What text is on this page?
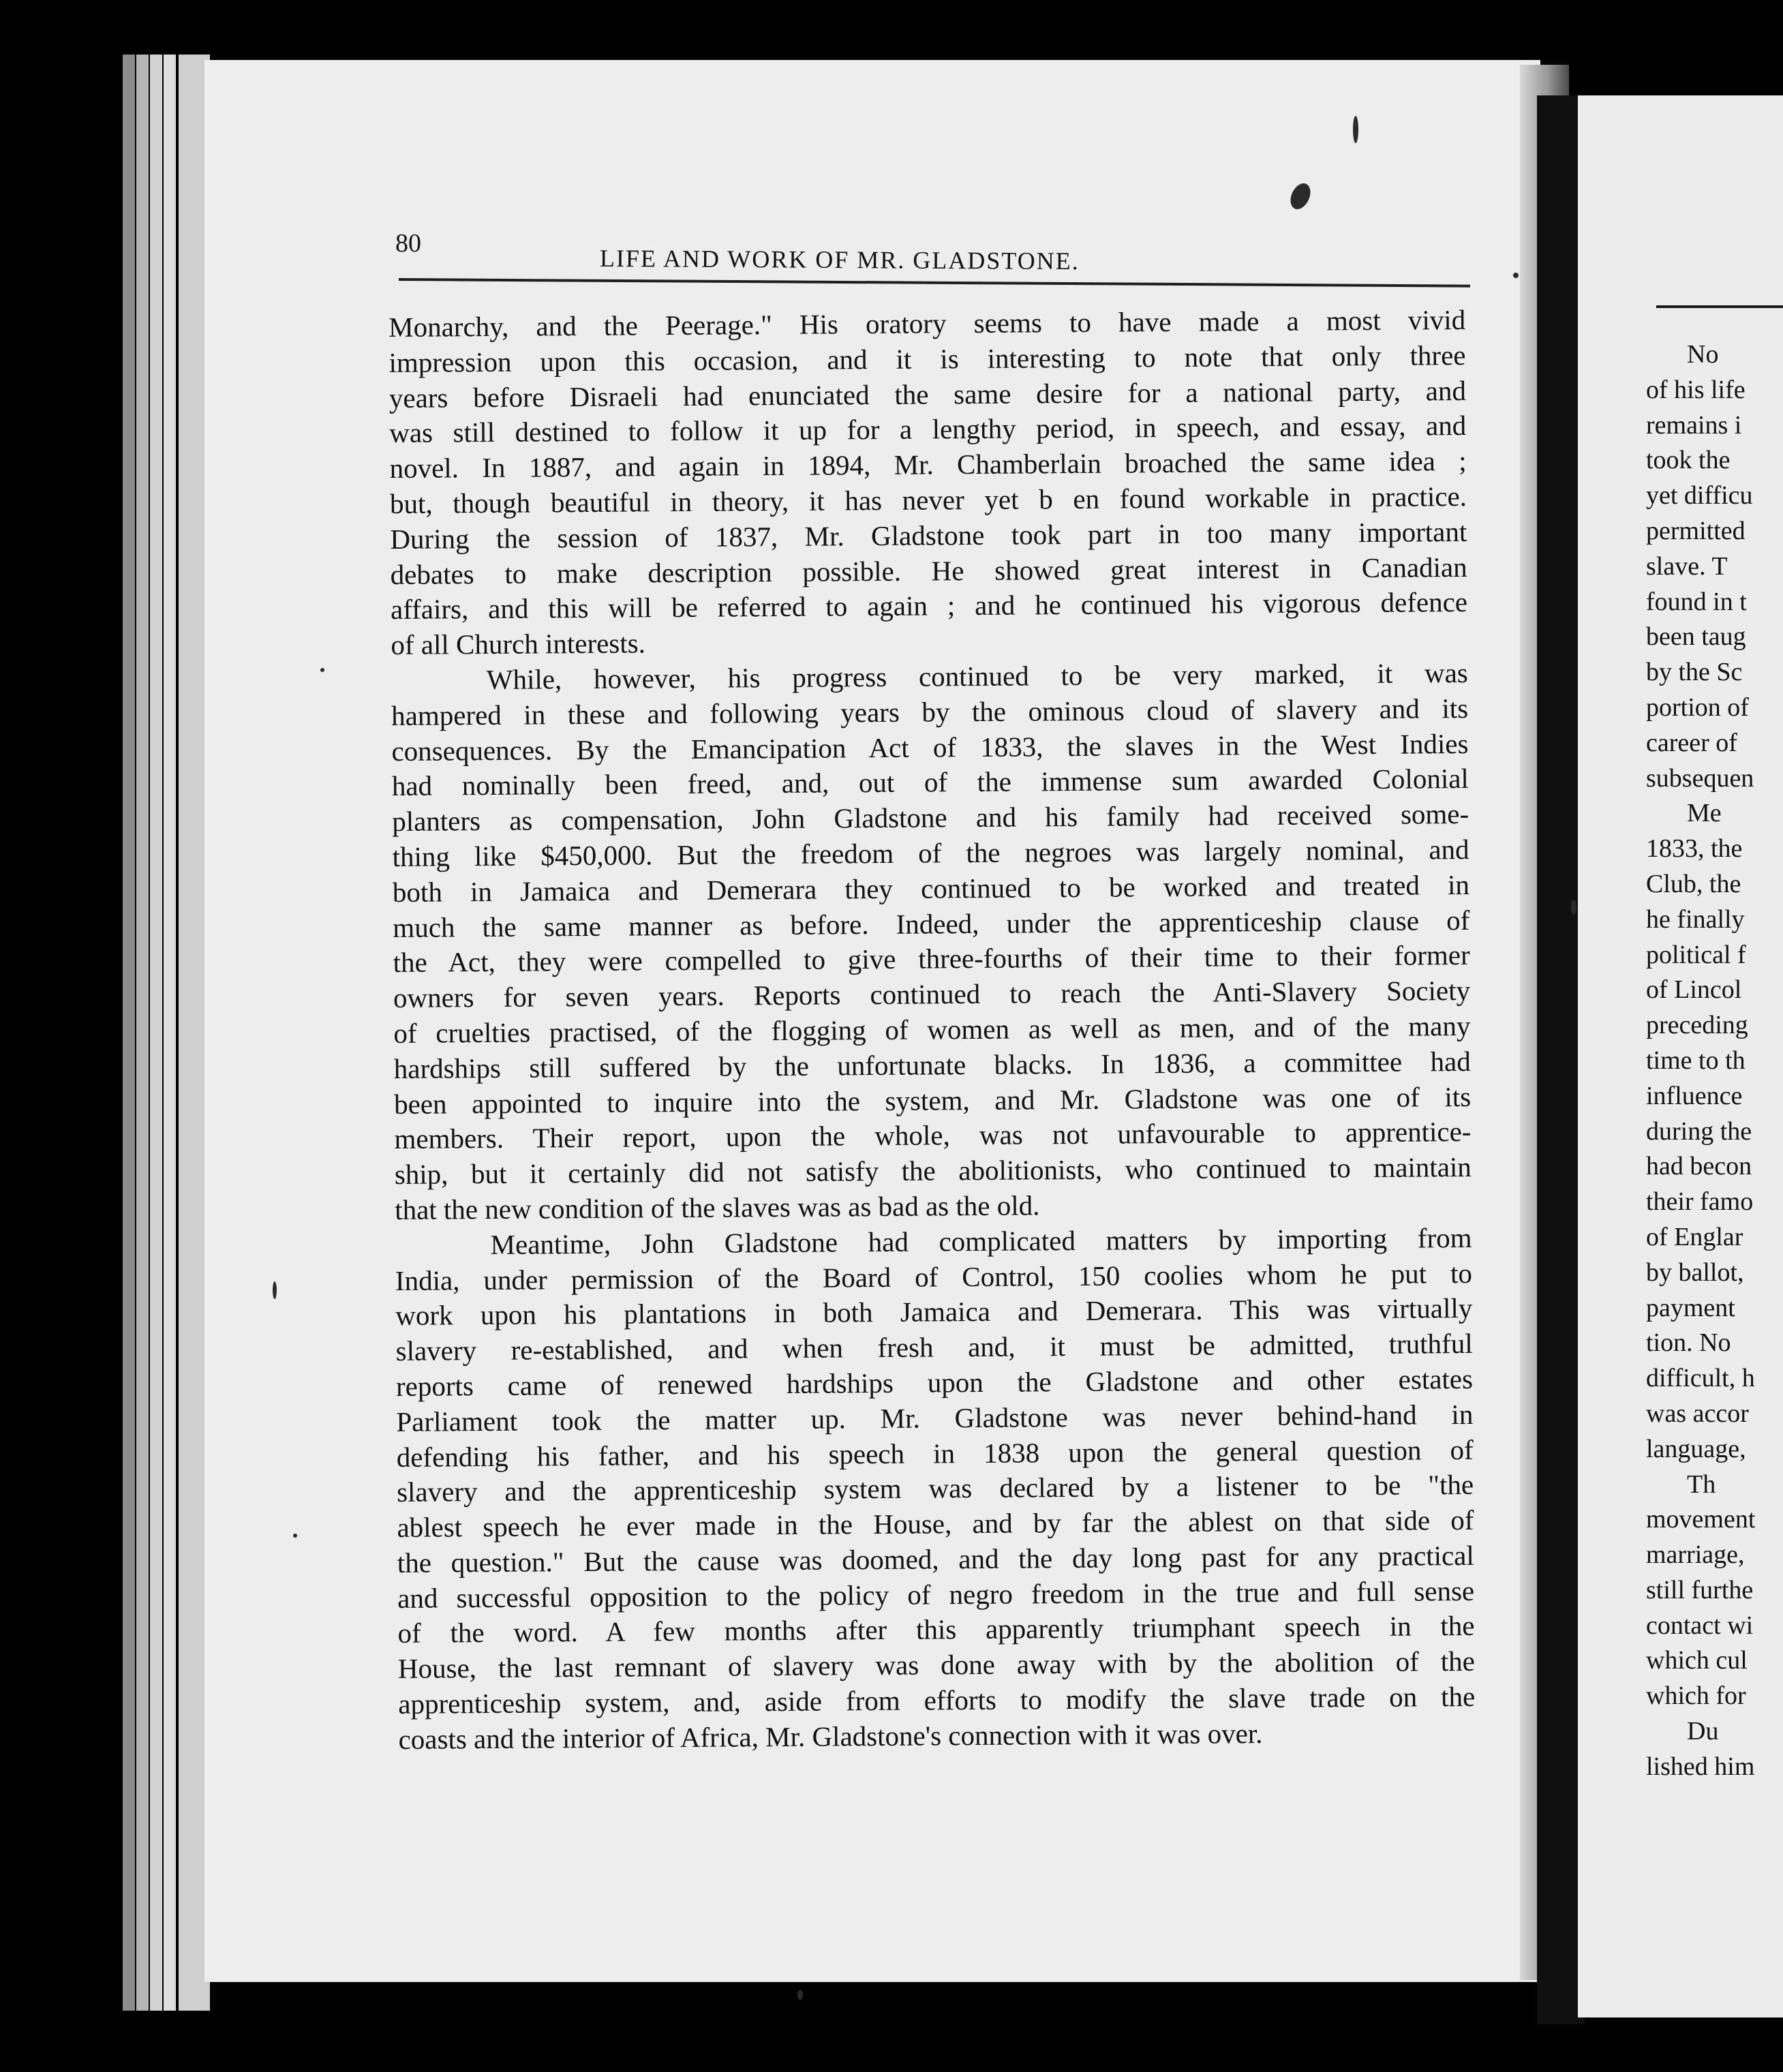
No
of his life
remains i
took the
yet difficu
permitted
slave. T
found in t
been taug
by the Sc
portion of
career of
subsequen
Me
1833, the
Club, the
he finally
political f
of Lincol
preceding
time to th
influence
during the
had becon
their famo
of Englar
by ballot,
payment
tion. No
difficult, h
was accor
language,
Th
movement
marriage,
still furthe
contact wi
which cul
which for
Du
lished him
80
LIFE AND WORK OF MR. GLADSTONE.
Monarchy, and the Peerage." His oratory seems to have made a most vivid
impression upon this occasion, and it is interesting to note that only three
years before Disraeli had enunciated the same desire for a national party, and
was still destined to follow it up for a lengthy period, in speech, and essay, and
novel. In 1887, and again in 1894, Mr. Chamberlain broached the same idea ;
but, though beautiful in theory, it has never yet b en found workable in practice.
During the session of 1837, Mr. Gladstone took part in too many important
debates to make description possible. He showed great interest in Canadian
affairs, and this will be referred to again ; and he continued his vigorous defence
of all Church interests.
While, however, his progress continued to be very marked, it was
hampered in these and following years by the ominous cloud of slavery and its
consequences. By the Emancipation Act of 1833, the slaves in the West Indies
had nominally been freed, and, out of the immense sum awarded Colonial
planters as compensation, John Gladstone and his family had received some-
thing like $450,000. But the freedom of the negroes was largely nominal, and
both in Jamaica and Demerara they continued to be worked and treated in
much the same manner as before. Indeed, under the apprenticeship clause of
the Act, they were compelled to give three-fourths of their time to their former
owners for seven years. Reports continued to reach the Anti-Slavery Society
of cruelties practised, of the flogging of women as well as men, and of the many
hardships still suffered by the unfortunate blacks. In 1836, a committee had
been appointed to inquire into the system, and Mr. Gladstone was one of its
members. Their report, upon the whole, was not unfavourable to apprentice-
ship, but it certainly did not satisfy the abolitionists, who continued to maintain
that the new condition of the slaves was as bad as the old.
Meantime, John Gladstone had complicated matters by importing from
India, under permission of the Board of Control, 150 coolies whom he put to
work upon his plantations in both Jamaica and Demerara. This was virtually
slavery re-established, and when fresh and, it must be admitted, truthful
reports came of renewed hardships upon the Gladstone and other estates
Parliament took the matter up. Mr. Gladstone was never behind-hand in
defending his father, and his speech in 1838 upon the general question of
slavery and the apprenticeship system was declared by a listener to be "the
ablest speech he ever made in the House, and by far the ablest on that side of
the question." But the cause was doomed, and the day long past for any practical
and successful opposition to the policy of negro freedom in the true and full sense
of the word. A few months after this apparently triumphant speech in the
House, the last remnant of slavery was done away with by the abolition of the
apprenticeship system, and, aside from efforts to modify the slave trade on the
coasts and the interior of Africa, Mr. Gladstone's connection with it was over.
